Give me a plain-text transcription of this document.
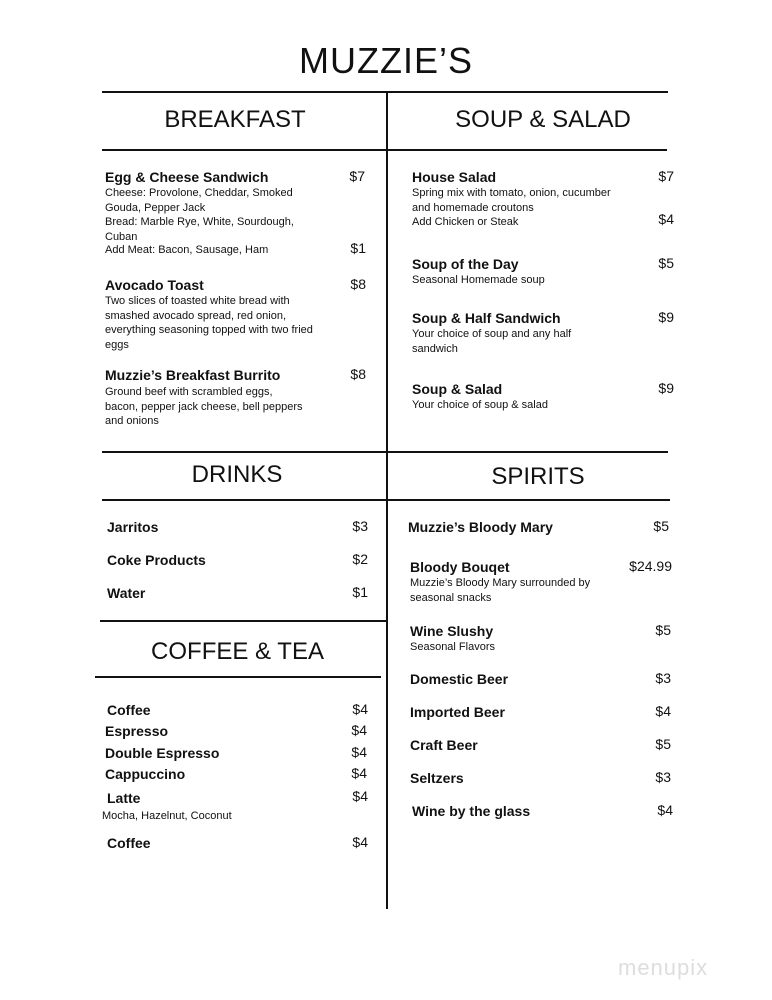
MUZZIE’S
BREAKFAST	SOUP & SALAD
DRINKS	SPIRITS
COFFEE & TEA
Egg & Cheese Sandwich	$7
Cheese: Provolone, Cheddar, Smoked Gouda, Pepper Jack
Bread: Marble Rye, White, Sourdough, Cuban
Add Meat: Bacon, Sausage, Ham	$1
Avocado Toast	$8
Two slices of toasted white bread with smashed avocado spread, red onion, everything seasoning topped with two fried eggs
Muzzie’s Breakfast Burrito	$8
Ground beef with scrambled eggs, bacon, pepper jack cheese, bell peppers and onions
House Salad	$7
Spring mix with tomato, onion, cucumber and homemade croutons
Add Chicken or Steak	$4
Soup of the Day	$5
Seasonal Homemade soup
Soup & Half Sandwich	$9
Your choice of soup and any half sandwich
Soup & Salad	$9
Your choice of soup & salad
Jarritos	$3
Coke Products	$2
Water	$1
Coffee	$4
Espresso	$4
Double Espresso	$4
Cappuccino	$4
Latte	$4
Mocha, Hazelnut, Coconut
Coffee	$4
Muzzie’s Bloody Mary	$5
Bloody Bouqet	$24.99
Muzzie’s Bloody Mary surrounded by seasonal snacks
Wine Slushy	$5
Seasonal Flavors
Domestic Beer	$3
Imported Beer	$4
Craft Beer	$5
Seltzers	$3
Wine by the glass	$4
menupix
